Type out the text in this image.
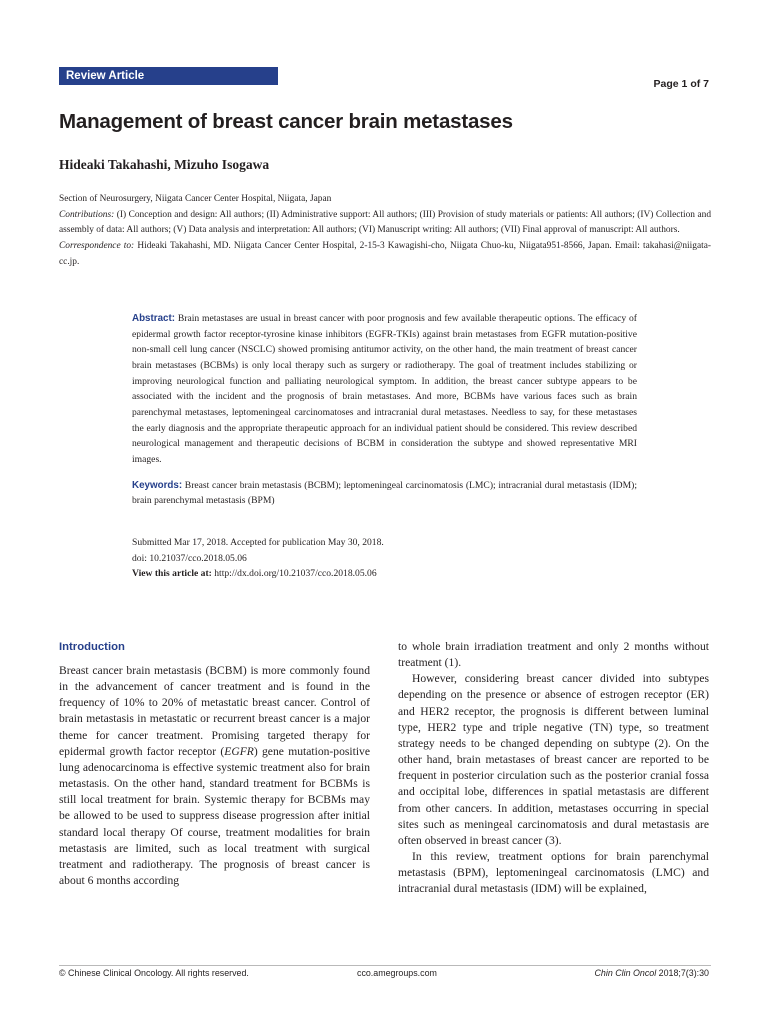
Review Article
Page 1 of 7
Management of breast cancer brain metastases
Hideaki Takahashi, Mizuho Isogawa
Section of Neurosurgery, Niigata Cancer Center Hospital, Niigata, Japan
Contributions: (I) Conception and design: All authors; (II) Administrative support: All authors; (III) Provision of study materials or patients: All authors; (IV) Collection and assembly of data: All authors; (V) Data analysis and interpretation: All authors; (VI) Manuscript writing: All authors; (VII) Final approval of manuscript: All authors.
Correspondence to: Hideaki Takahashi, MD. Niigata Cancer Center Hospital, 2-15-3 Kawagishi-cho, Niigata Chuo-ku, Niigata951-8566, Japan. Email: takahasi@niigata-cc.jp.
Abstract: Brain metastases are usual in breast cancer with poor prognosis and few available therapeutic options. The efficacy of epidermal growth factor receptor-tyrosine kinase inhibitors (EGFR-TKIs) against brain metastases from EGFR mutation-positive non-small cell lung cancer (NSCLC) showed promising antitumor activity, on the other hand, the main treatment of breast cancer brain metastases (BCBMs) is only local therapy such as surgery or radiotherapy. The goal of treatment includes stabilizing or improving neurological function and palliating neurological symptom. In addition, the breast cancer subtype appears to be associated with the incident and the prognosis of brain metastases. And more, BCBMs have various faces such as brain parenchymal metastases, leptomeningeal carcinomatoses and intracranial dural metastases. Needless to say, for these metastases the early diagnosis and the appropriate therapeutic approach for an individual patient should be considered. This review described neurological management and therapeutic decisions of BCBM in consideration the subtype and showed representative MRI images.
Keywords: Breast cancer brain metastasis (BCBM); leptomeningeal carcinomatosis (LMC); intracranial dural metastasis (IDM); brain parenchymal metastasis (BPM)
Submitted Mar 17, 2018. Accepted for publication May 30, 2018.
doi: 10.21037/cco.2018.05.06
View this article at: http://dx.doi.org/10.21037/cco.2018.05.06
Introduction

Breast cancer brain metastasis (BCBM) is more commonly found in the advancement of cancer treatment and is found in the frequency of 10% to 20% of metastatic breast cancer. Control of brain metastasis in metastatic or recurrent breast cancer is a major theme for cancer treatment. Promising targeted therapy for epidermal growth factor receptor (EGFR) gene mutation-positive lung adenocarcinoma is effective systemic treatment also for brain metastasis. On the other hand, standard treatment for BCBMs is still local treatment for brain. Systemic therapy for BCBMs may be allowed to be used to suppress disease progression after initial standard local therapy Of course, treatment modalities for brain metastasis are limited, such as local treatment with surgical treatment and radiotherapy. The prognosis of breast cancer is about 6 months according

to whole brain irradiation treatment and only 2 months without treatment (1).

However, considering breast cancer divided into subtypes depending on the presence or absence of estrogen receptor (ER) and HER2 receptor, the prognosis is different between luminal type, HER2 type and triple negative (TN) type, so treatment strategy needs to be changed depending on subtype (2). On the other hand, brain metastases of breast cancer are reported to be frequent in posterior circulation such as the posterior cranial fossa and occipital lobe, differences in spatial metastasis are different from other cancers. In addition, metastases occurring in special sites such as meningeal carcinomatosis and dural metastasis are often observed in breast cancer (3).

In this review, treatment options for brain parenchymal metastasis (BPM), leptomeningeal carcinomatosis (LMC) and intracranial dural metastasis (IDM) will be explained,

© Chinese Clinical Oncology. All rights reserved.	cco.amegroups.com	Chin Clin Oncol 2018;7(3):30
